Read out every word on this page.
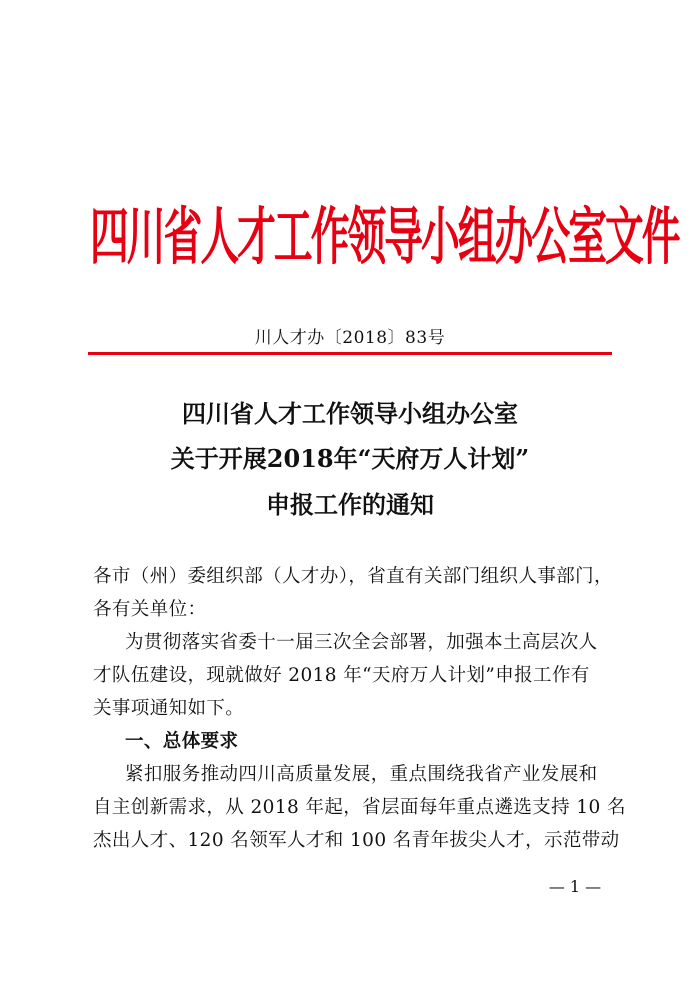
四川省人才工作领导小组办公室文件
川人才办〔2018〕83号
四川省人才工作领导小组办公室
关于开展2018年“天府万人计划”
申报工作的通知
各市（州）委组织部（人才办），省直有关部门组织人事部门，
各有关单位：
为贯彻落实省委十一届三次全会部署，加强本土高层次人
才队伍建设，现就做好 2018 年“天府万人计划”申报工作有
关事项通知如下。
一、总体要求
紧扣服务推动四川高质量发展，重点围绕我省产业发展和
自主创新需求，从 2018 年起，省层面每年重点遴选支持 10 名
杰出人才、120 名领军人才和 100 名青年拔尖人才，示范带动
— 1 —
